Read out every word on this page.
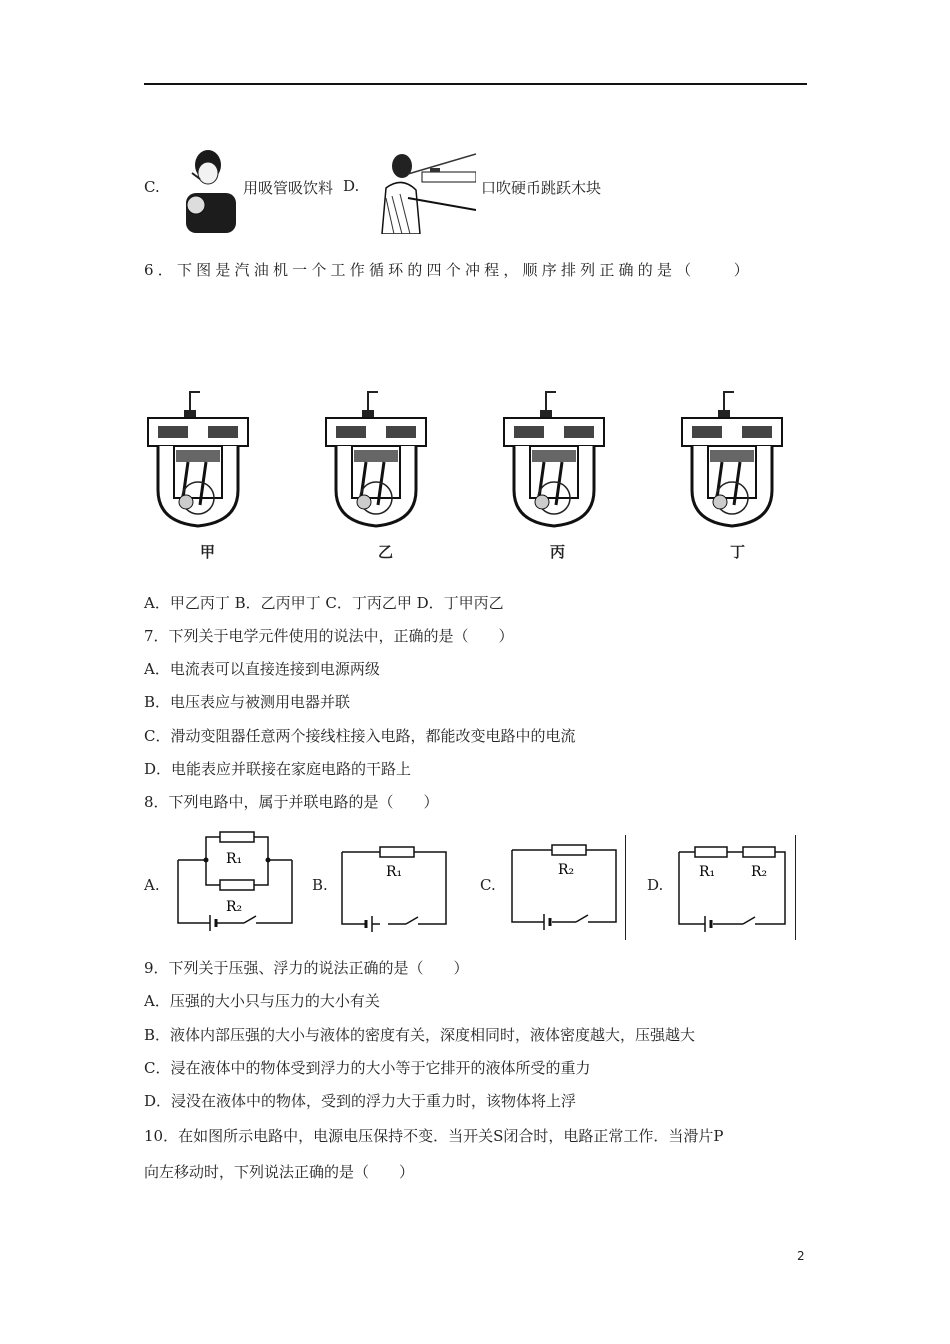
C.	用吸管吸饮料 D.	口吹硬币跳跃木块
6．下图是汽油机一个工作循环的四个冲程，顺序排列正确的是（　　）
甲	乙	丙	丁
A．甲乙丙丁 B．乙丙甲丁 C．丁丙乙甲 D．丁甲丙乙
7．下列关于电学元件使用的说法中，正确的是（　　）
A．电流表可以直接连接到电源两级
B．电压表应与被测用电器并联
C．滑动变阻器任意两个接线柱接入电路，都能改变电路中的电流
D．电能表应并联接在家庭电路的干路上
8．下列电路中，属于并联电路的是（　　）
A.
R₁
R₂
B.
R₁
C.
R₂
D.
R₁	R₂
9．下列关于压强、浮力的说法正确的是（　　）
A．压强的大小只与压力的大小有关
B．液体内部压强的大小与液体的密度有关，深度相同时，液体密度越大，压强越大
C．浸在液体中的物体受到浮力的大小等于它排开的液体所受的重力
D．浸没在液体中的物体，受到的浮力大于重力时，该物体将上浮
10．在如图所示电路中，电源电压保持不变．当开关S闭合时，电路正常工作．当滑片P
向左移动时，下列说法正确的是（　　）
2
